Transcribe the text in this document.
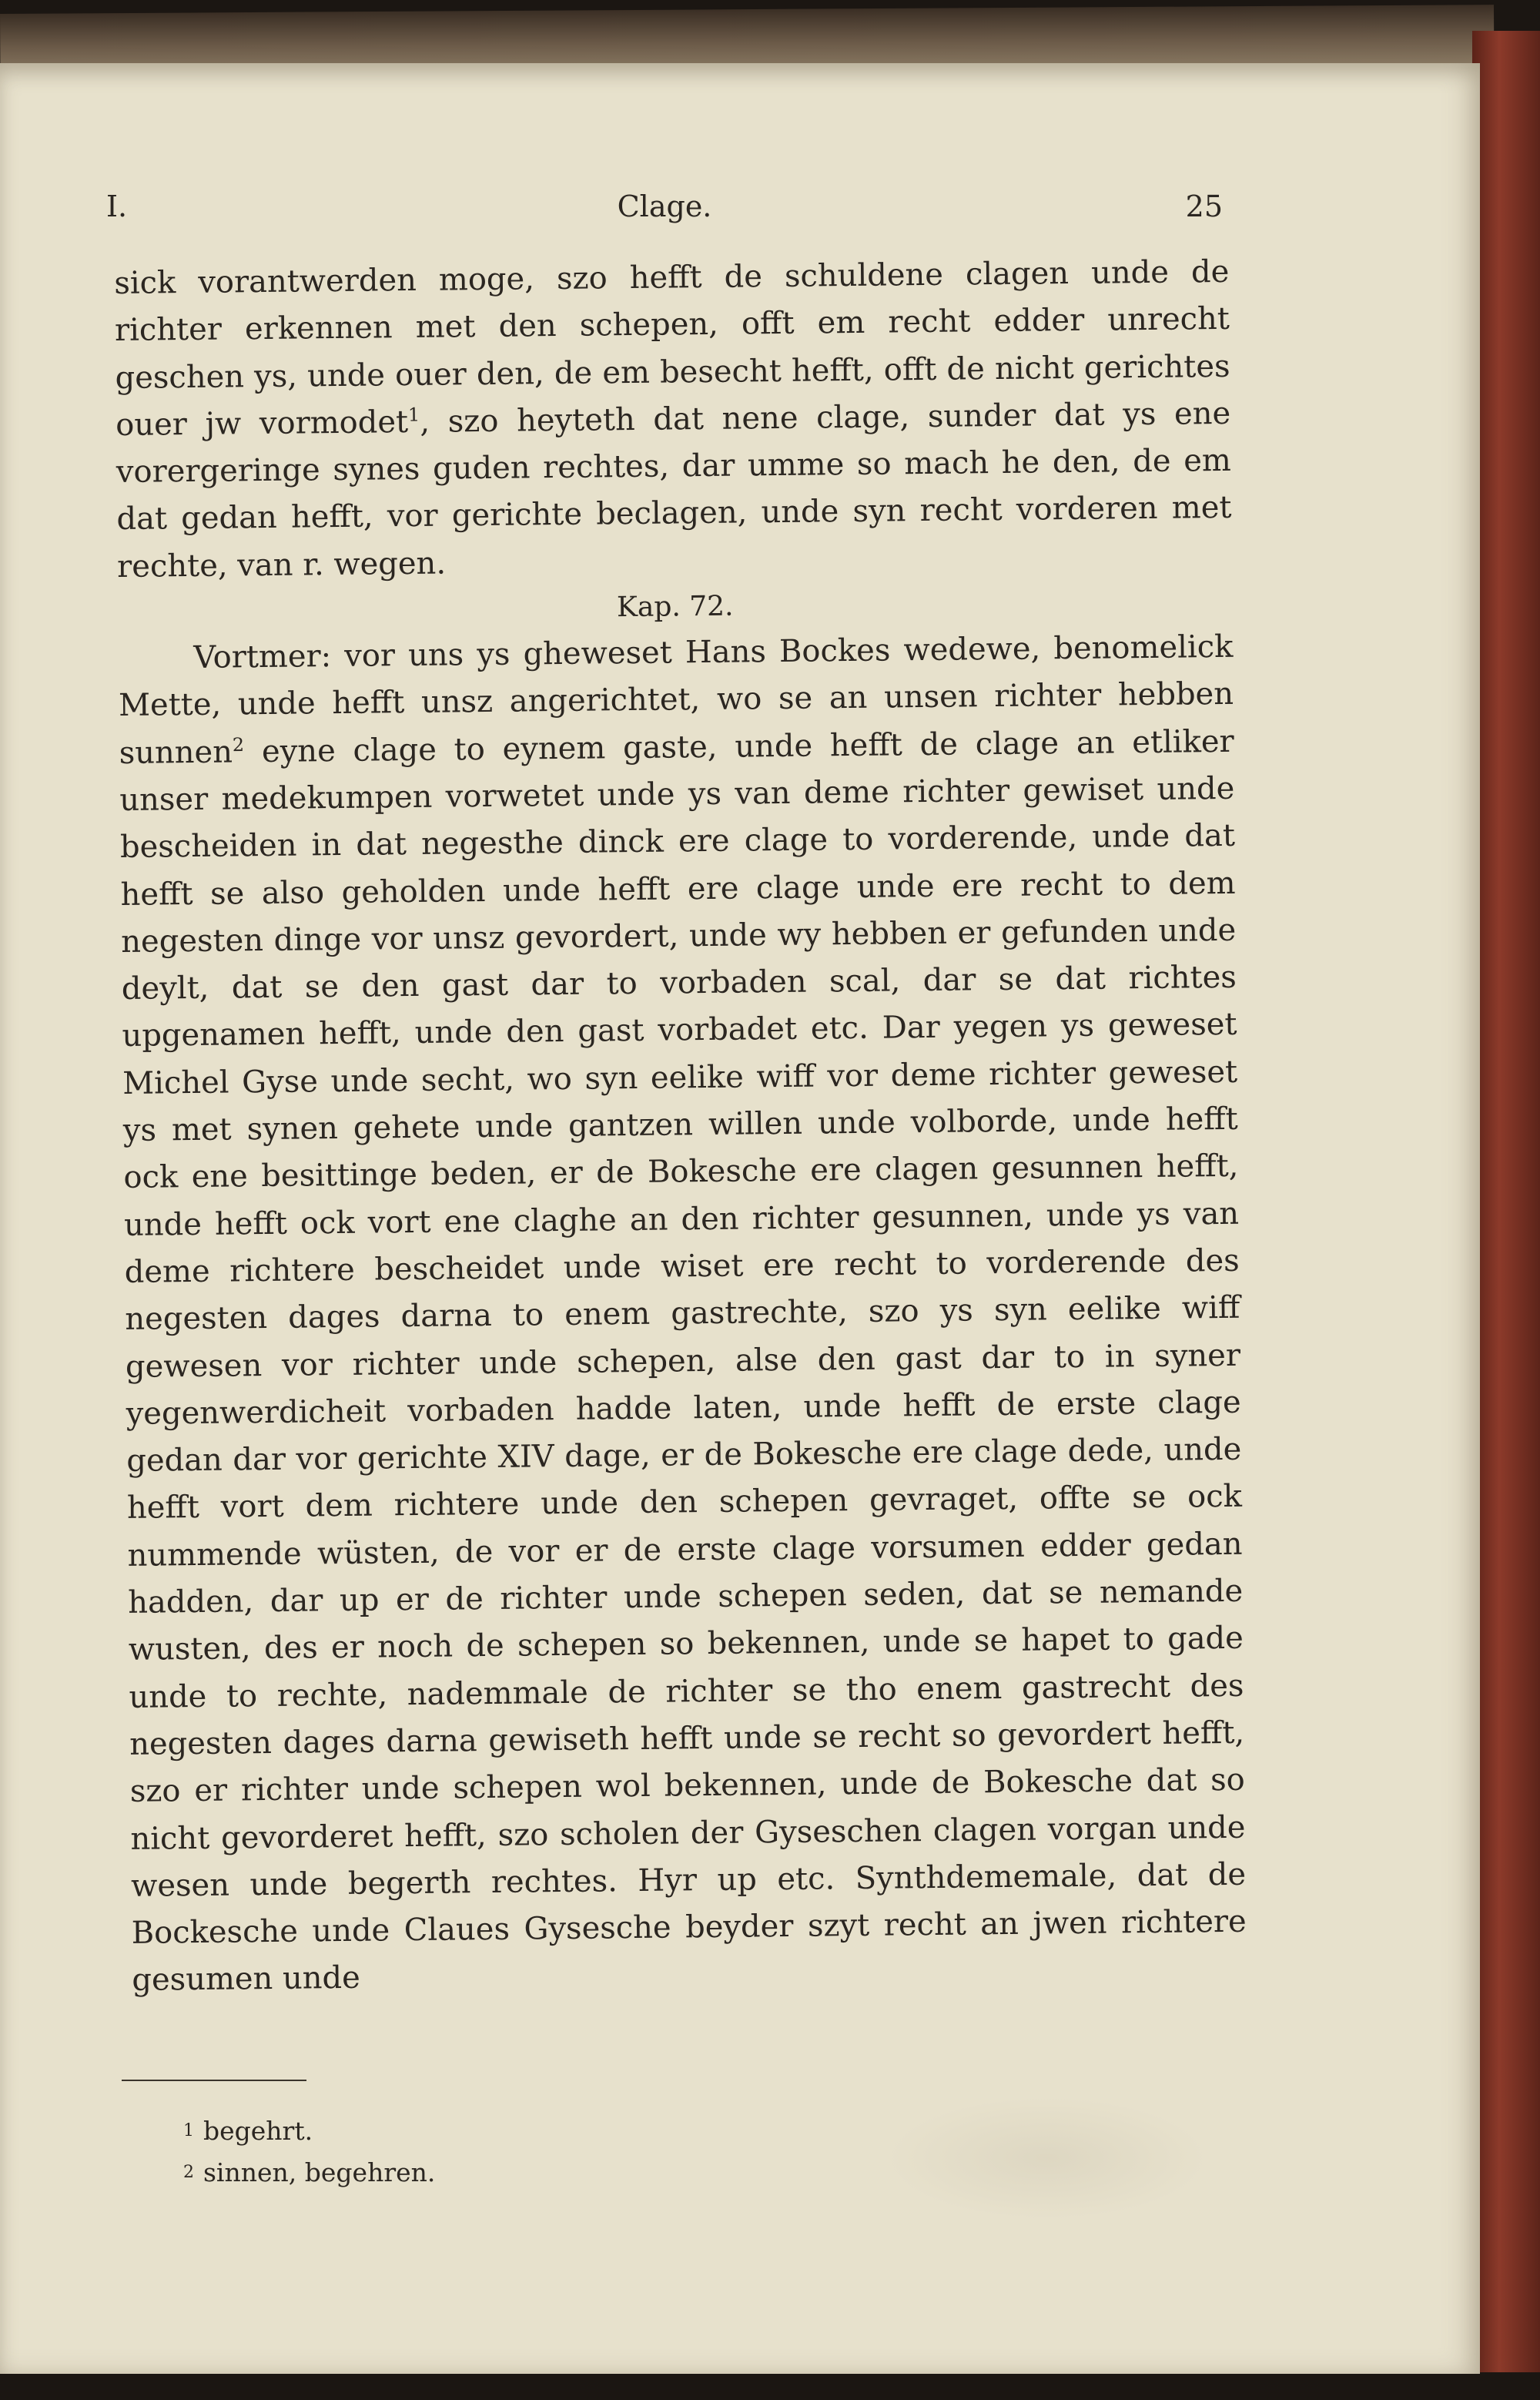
I.	Clage.	25

sick vorantwerden moge, szo hefft de schuldene clagen unde de richter erkennen met den schepen, offt em recht edder unrecht geschen ys, unde ouer den, de em besecht hefft, offt de nicht gerichtes ouer jw vormodet$^1$, szo heyteth dat nene clage, sunder dat ys ene vorergeringe synes guden rechtes, dar umme so mach he den, de em dat gedan hefft, vor gerichte beclagen, unde syn recht vorderen met rechte, van r. wegen.

Kap. 72.

Vortmer: vor uns ys gheweset Hans Bockes wedewe, benomelick Mette, unde hefft unsz angerichtet, wo se an unsen richter hebben sunnen$^2$ eyne clage to eynem gaste, unde hefft de clage an etliker unser medekumpen vorwetet unde ys van deme richter gewiset unde bescheiden in dat negesthe dinck ere clage to vorderende, unde dat hefft se also geholden unde hefft ere clage unde ere recht to dem negesten dinge vor unsz gevordert, unde wy hebben er gefunden unde deylt, dat se den gast dar to vorbaden scal, dar se dat richtes upgenamen hefft, unde den gast vorbadet etc. Dar yegen ys geweset Michel Gyse unde secht, wo syn eelike wiff vor deme richter geweset ys met synen gehete unde gantzen willen unde volborde, unde hefft ock ene besittinge beden, er de Bokesche ere clagen gesunnen hefft, unde hefft ock vort ene claghe an den richter gesunnen, unde ys van deme richtere bescheidet unde wiset ere recht to vorderende des negesten dages darna to enem gastrechte, szo ys syn eelike wiff gewesen vor richter unde schepen, alse den gast dar to in syner yegenwerdicheit vorbaden hadde laten, unde hefft de erste clage gedan dar vor gerichte XIV dage, er de Bokesche ere clage dede, unde hefft vort dem richtere unde den schepen gevraget, offte se ock nummende wüsten, de vor er de erste clage vorsumen edder gedan hadden, dar up er de richter unde schepen seden, dat se nemande wusten, des er noch de schepen so bekennen, unde se hapet to gade unde to rechte, nademmale de richter se tho enem gastrecht des negesten dages darna gewiseth hefft unde se recht so gevordert hefft, szo er richter unde schepen wol bekennen, unde de Bokesche dat so nicht gevorderet hefft, szo scholen der Gyseschen clagen vorgan unde wesen unde begerth rechtes. Hyr up etc. Synthdememale, dat de Bockesche unde Claues Gysesche beyder szyt recht an jwen richtere gesumen unde

$^1$ begehrt.
$^2$ sinnen, begehren.
